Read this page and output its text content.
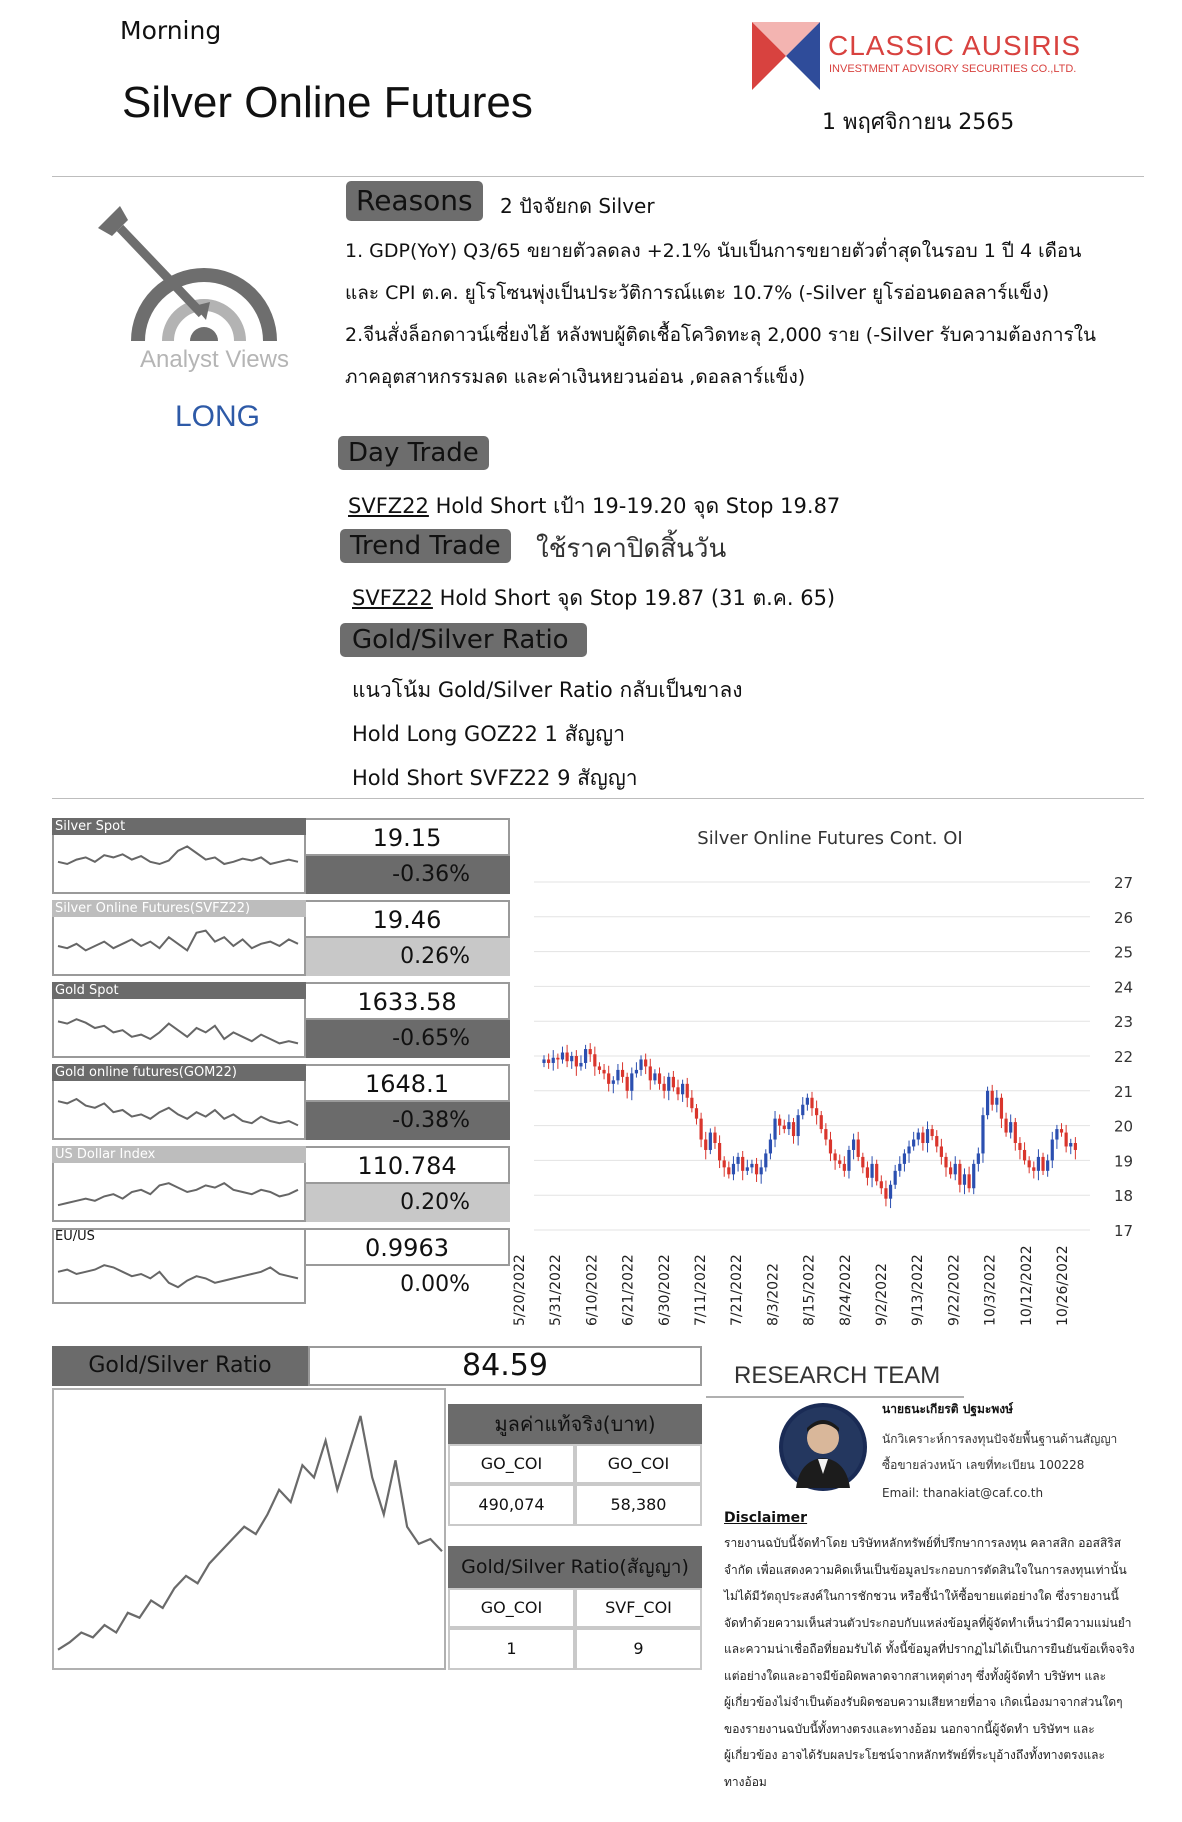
Morning
Silver Online Futures
CLASSIC AUSIRIS
INVESTMENT ADVISORY SECURITIES CO.,LTD.
1 พฤศจิกายน 2565
Analyst Views
LONG
Reasons	2 ปัจจัยกด Silver
1. GDP(YoY) Q3/65 ขยายตัวลดลง +2.1% นับเป็นการขยายตัวต่ำสุดในรอบ 1 ปี 4 เดือน
และ CPI ต.ค. ยูโรโซนพุ่งเป็นประวัติการณ์แตะ 10.7% (-Silver ยูโรอ่อนดอลลาร์แข็ง)
2.จีนสั่งล็อกดาวน์เซี่ยงไฮ้ หลังพบผู้ติดเชื้อโควิดทะลุ 2,000 ราย (-Silver รับความต้องการใน
ภาคอุตสาหกรรมลด และค่าเงินหยวนอ่อน ,ดอลลาร์แข็ง)
Day Trade
SVFZ22 Hold Short เป้า 19-19.20 จุด Stop 19.87
Trend Trade	ใช้ราคาปิดสิ้นวัน
SVFZ22 Hold Short จุด Stop 19.87 (31 ต.ค. 65)
Gold/Silver Ratio
แนวโน้ม Gold/Silver Ratio กลับเป็นขาลง
Hold Long GOZ22 1 สัญญา
Hold Short SVFZ22 9 สัญญา
Silver Spot	19.15
-0.36%
Silver Online Futures(SVFZ22)	19.46
0.26%
Gold Spot	1633.58
-0.65%
Gold online futures(GOM22)	1648.1
-0.38%
US Dollar Index	110.784
0.20%
EU/US	0.9963
0.00%
Silver Online Futures Cont. OI
27
26
25
24
23
22
21
20
19
18
17
5/20/2022 5/31/2022 6/10/2022 6/21/2022 6/30/2022 7/11/2022 7/21/2022 8/3/2022 8/15/2022 8/24/2022 9/2/2022 9/13/2022 9/22/2022 10/3/2022 10/12/2022 10/26/2022
Gold/Silver Ratio	84.59
มูลค่าแท้จริง(บาท)
GO_COI	GO_COI
490,074	58,380
Gold/Silver Ratio(สัญญา)
GO_COI	SVF_COI
1	9
RESEARCH TEAM
นายธนะเกียรติ ปฐมะพงษ์
นักวิเคราะห์การลงทุนปัจจัยพื้นฐานด้านสัญญา
ซื้อขายล่วงหน้า เลขที่ทะเบียน 100228
Email: thanakiat@caf.co.th
Disclaimer
รายงานฉบับนี้จัดทำโดย บริษัทหลักทรัพย์ที่ปรึกษาการลงทุน คลาสสิก ออสสิริส
จำกัด เพื่อแสดงความคิดเห็นเป็นข้อมูลประกอบการตัดสินใจในการลงทุนเท่านั้น
ไม่ได้มีวัตถุประสงค์ในการชักชวน หรือชี้นำให้ซื้อขายแต่อย่างใด ซึ่งรายงานนี้
จัดทำด้วยความเห็นส่วนตัวประกอบกับแหล่งข้อมูลที่ผู้จัดทำเห็นว่ามีความแม่นยำ
และความน่าเชื่อถือที่ยอมรับได้ ทั้งนี้ข้อมูลที่ปรากฏไม่ได้เป็นการยืนยันข้อเท็จจริง
แต่อย่างใดและอาจมีข้อผิดพลาดจากสาเหตุต่างๆ ซึ่งทั้งผู้จัดทำ บริษัทฯ และ
ผู้เกี่ยวข้องไม่จำเป็นต้องรับผิดชอบความเสียหายที่อาจ เกิดเนื่องมาจากส่วนใดๆ
ของรายงานฉบับนี้ทั้งทางตรงและทางอ้อม นอกจากนี้ผู้จัดทำ บริษัทฯ และ
ผู้เกี่ยวข้อง อาจได้รับผลประโยชน์จากหลักทรัพย์ที่ระบุอ้างถึงทั้งทางตรงและ
ทางอ้อม
